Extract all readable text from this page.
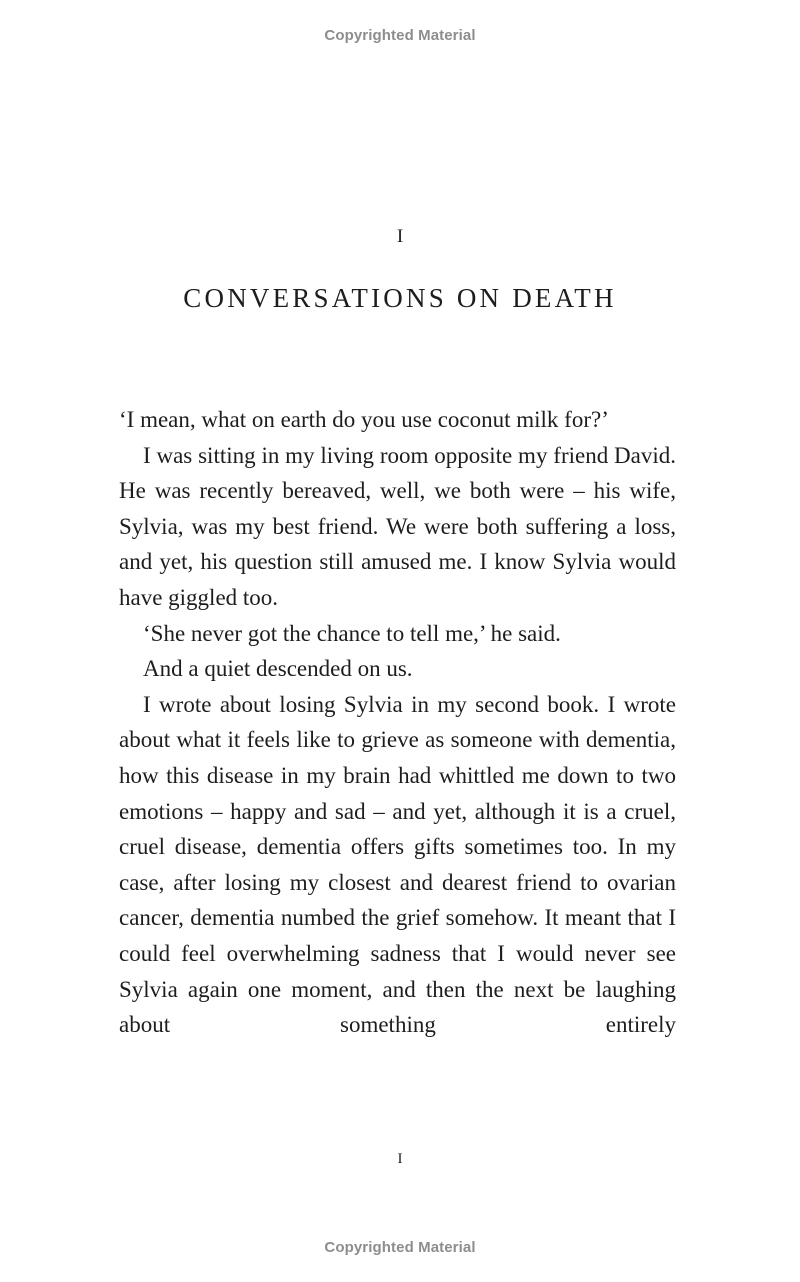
Copyrighted Material
I
CONVERSATIONS ON DEATH

‘I mean, what on earth do you use coconut milk for?’

I was sitting in my living room opposite my friend David. He was recently bereaved, well, we both were – his wife, Sylvia, was my best friend. We were both suffering a loss, and yet, his question still amused me. I know Sylvia would have giggled too.

‘She never got the chance to tell me,’ he said.

And a quiet descended on us.

I wrote about losing Sylvia in my second book. I wrote about what it feels like to grieve as someone with dementia, how this disease in my brain had whittled me down to two emotions – happy and sad – and yet, although it is a cruel, cruel disease, dementia offers gifts sometimes too. In my case, after losing my closest and dearest friend to ovarian cancer, dementia numbed the grief somehow. It meant that I could feel overwhelming sadness that I would never see Sylvia again one moment, and then the next be laughing about something entirely

I
Copyrighted Material
